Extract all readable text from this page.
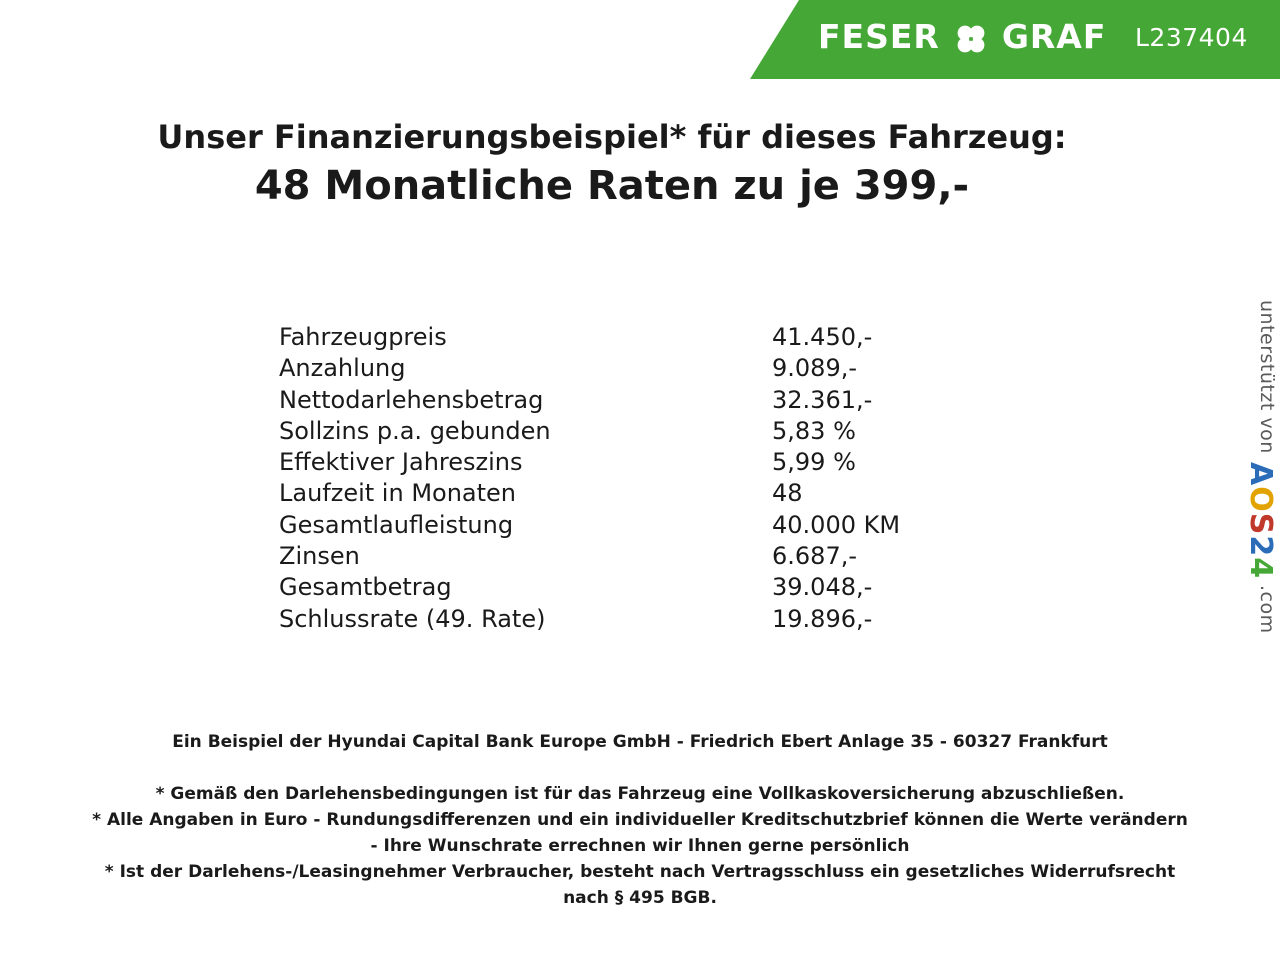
FESER GRAF L237404
Unser Finanzierungsbeispiel* für dieses Fahrzeug:
48 Monatliche Raten zu je 399,-
Fahrzeugpreis	41.450,-
Anzahlung	9.089,-
Nettodarlehensbetrag	32.361,-
Sollzins p.a. gebunden	5,83 %
Effektiver Jahreszins	5,99 %
Laufzeit in Monaten	48
Gesamtlaufleistung	40.000 KM
Zinsen	6.687,-
Gesamtbetrag	39.048,-
Schlussrate (49. Rate)	19.896,-
Ein Beispiel der Hyundai Capital Bank Europe GmbH - Friedrich Ebert Anlage 35 - 60327 Frankfurt
* Gemäß den Darlehensbedingungen ist für das Fahrzeug eine Vollkaskoversicherung abzuschließen.
* Alle Angaben in Euro - Rundungsdifferenzen und ein individueller Kreditschutzbrief können die Werte verändern
- Ihre Wunschrate errechnen wir Ihnen gerne persönlich
* Ist der Darlehens-/Leasingnehmer Verbraucher, besteht nach Vertragsschluss ein gesetzliches Widerrufsrecht
nach § 495 BGB.
unterstützt von
AOS24
.com
